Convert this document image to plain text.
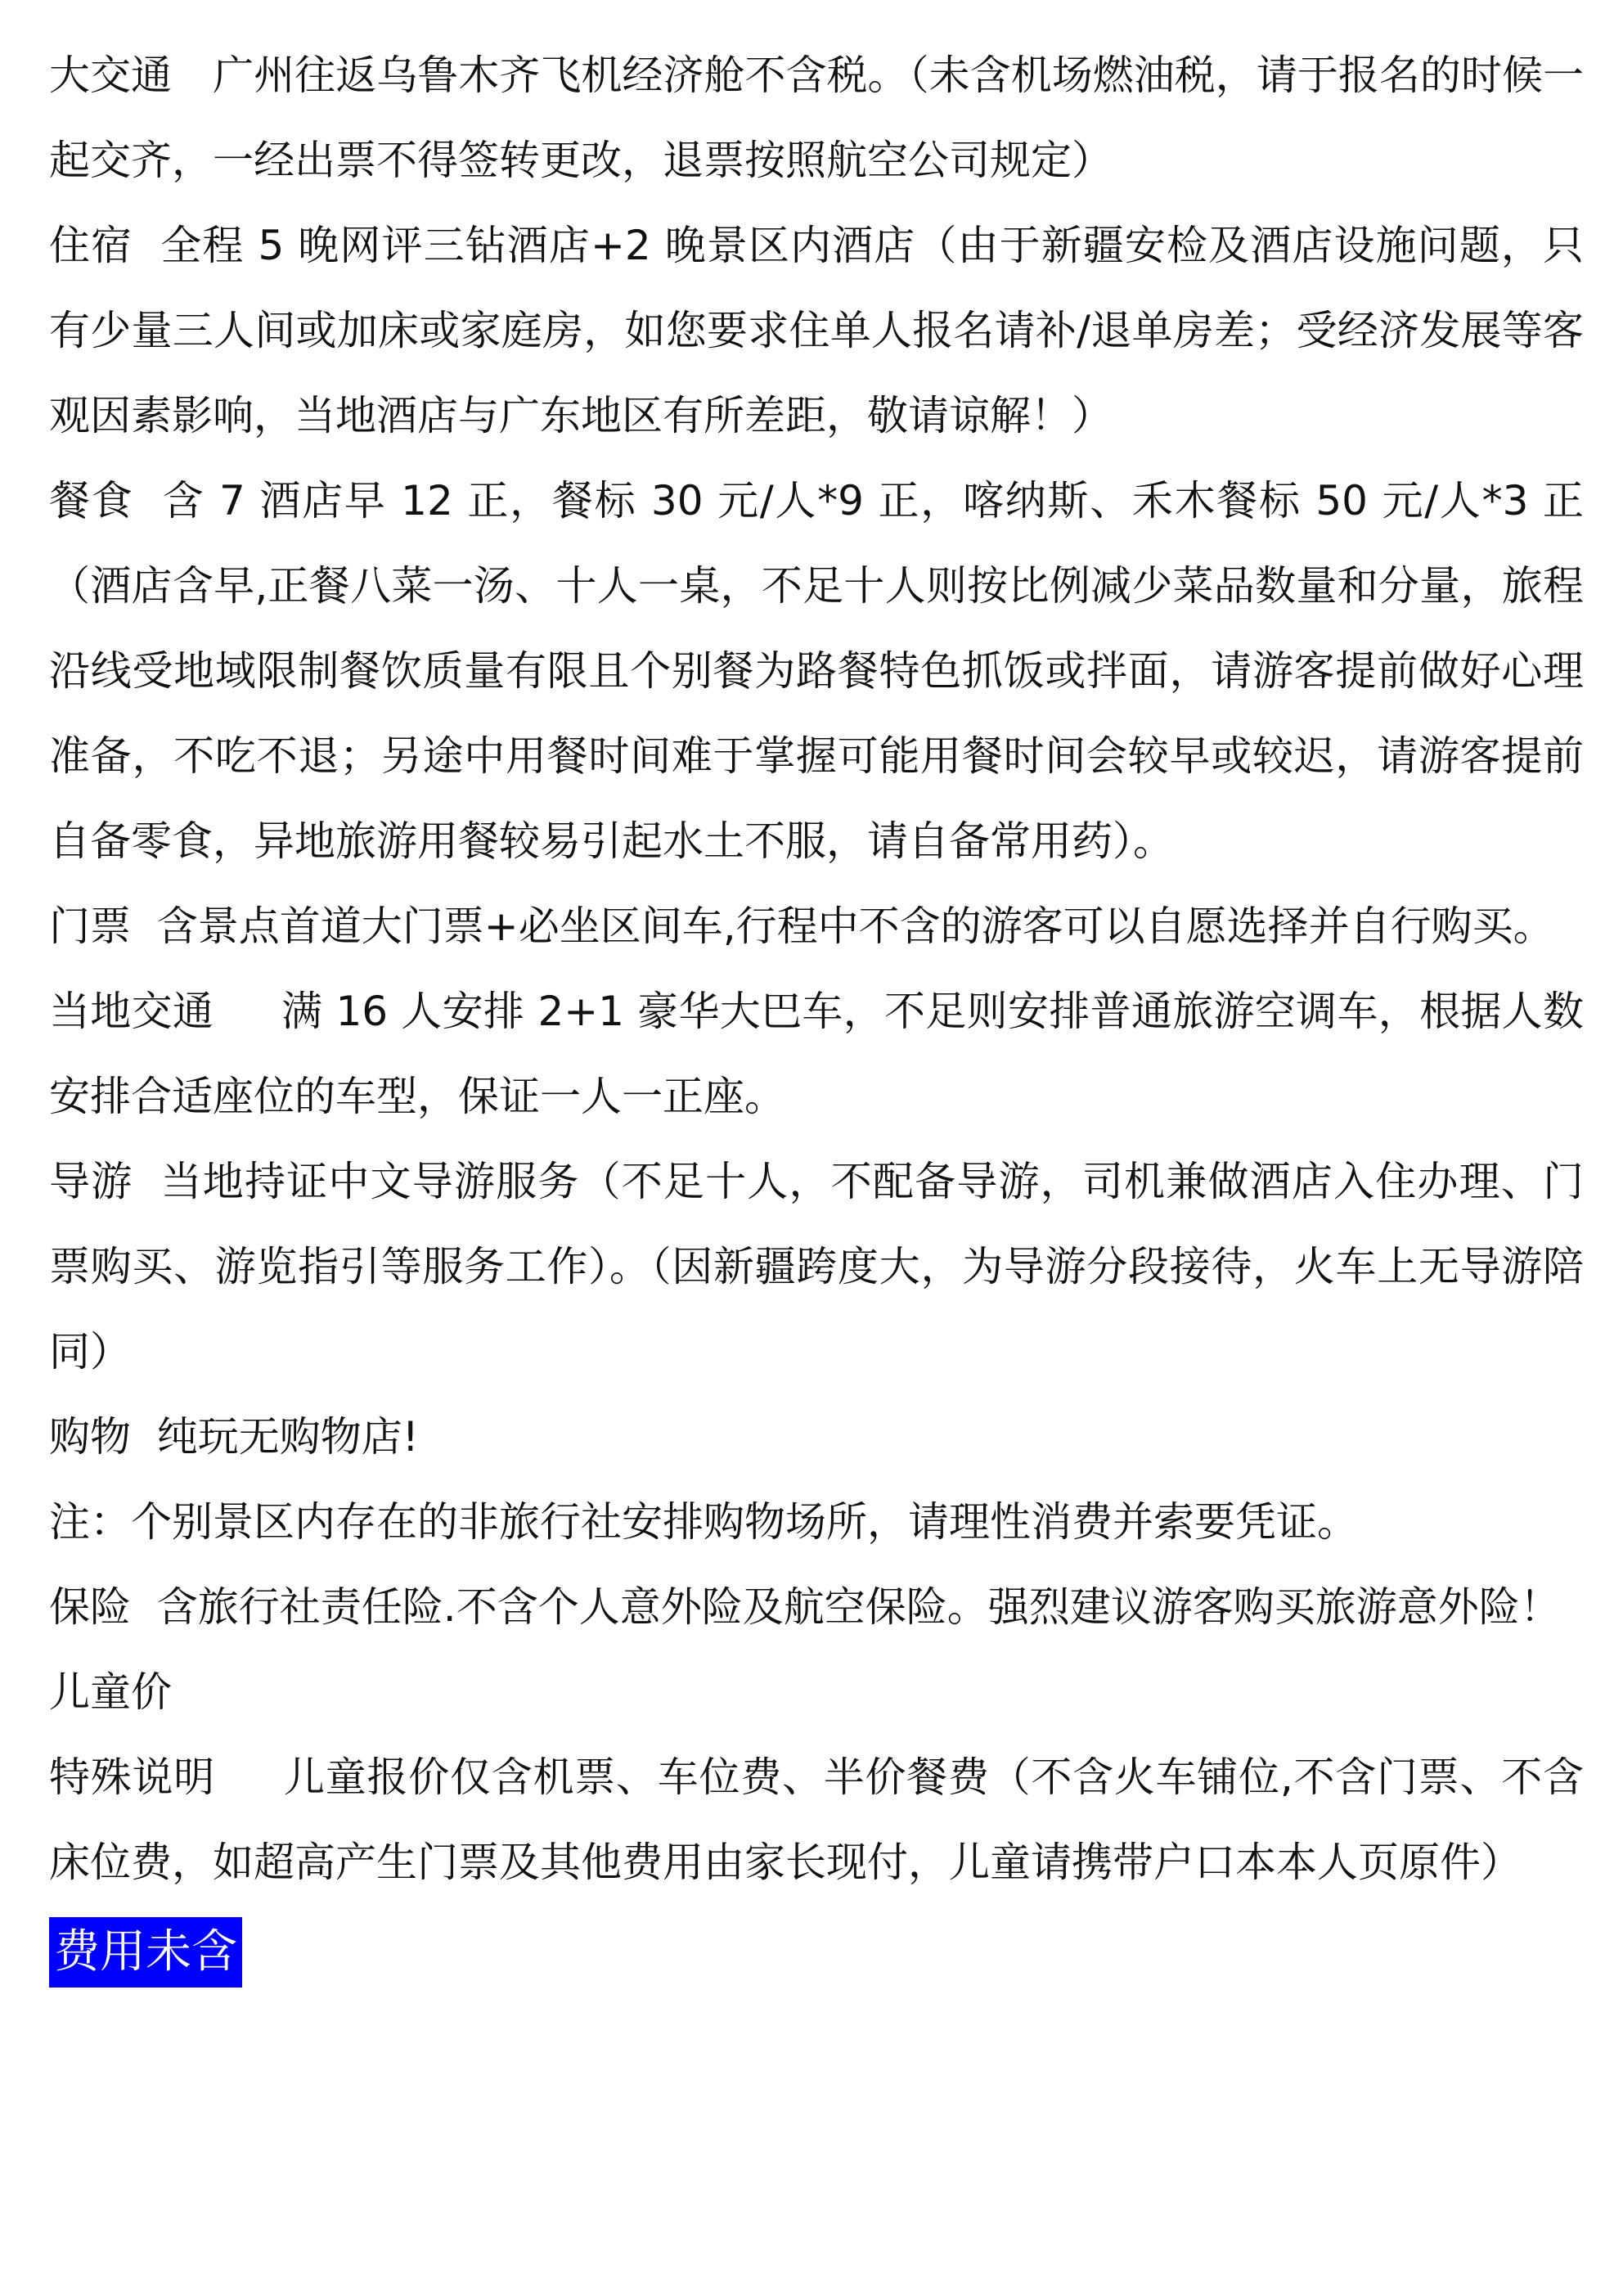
大交通　 广州往返乌鲁木齐飞机经济舱不含税。（未含机场燃油税，请于报名的时候一起交齐，一经出票不得签转更改，退票按照航空公司规定）

住宿 全程 5 晚网评三钻酒店+2 晚景区内酒店（由于新疆安检及酒店设施问题，只有少量三人间或加床或家庭房，如您要求住单人报名请补/退单房差；受经济发展等客观因素影响，当地酒店与广东地区有所差距，敬请谅解！）

餐食 含 7 酒店早 12 正，餐标 30 元/人*9 正，喀纳斯、禾木餐标 50 元/人*3 正（酒店含早,正餐八菜一汤、十人一桌，不足十人则按比例减少菜品数量和分量，旅程沿线受地域限制餐饮质量有限且个别餐为路餐特色抓饭或拌面，请游客提前做好心理准备，不吃不退；另途中用餐时间难于掌握可能用餐时间会较早或较迟，请游客提前自备零食，异地旅游用餐较易引起水土不服，请自备常用药）。

门票 含景点首道大门票+必坐区间车,行程中不含的游客可以自愿选择并自行购买。

当地交通  　 满 16 人安排 2+1 豪华大巴车，不足则安排普通旅游空调车，根据人数安排合适座位的车型，保证一人一正座。

导游 当地持证中文导游服务（不足十人，不配备导游，司机兼做酒店入住办理、门票购买、游览指引等服务工作）。（因新疆跨度大，为导游分段接待，火车上无导游陪同）

购物 纯玩无购物店!

注：个别景区内存在的非旅行社安排购物场所，请理性消费并索要凭证。

保险 含旅行社责任险.不含个人意外险及航空保险。强烈建议游客购买旅游意外险！

儿童价

特殊说明  　 儿童报价仅含机票、车位费、半价餐费（不含火车铺位,不含门票、不含床位费，如超高产生门票及其他费用由家长现付，儿童请携带户口本本人页原件）

费用未含
